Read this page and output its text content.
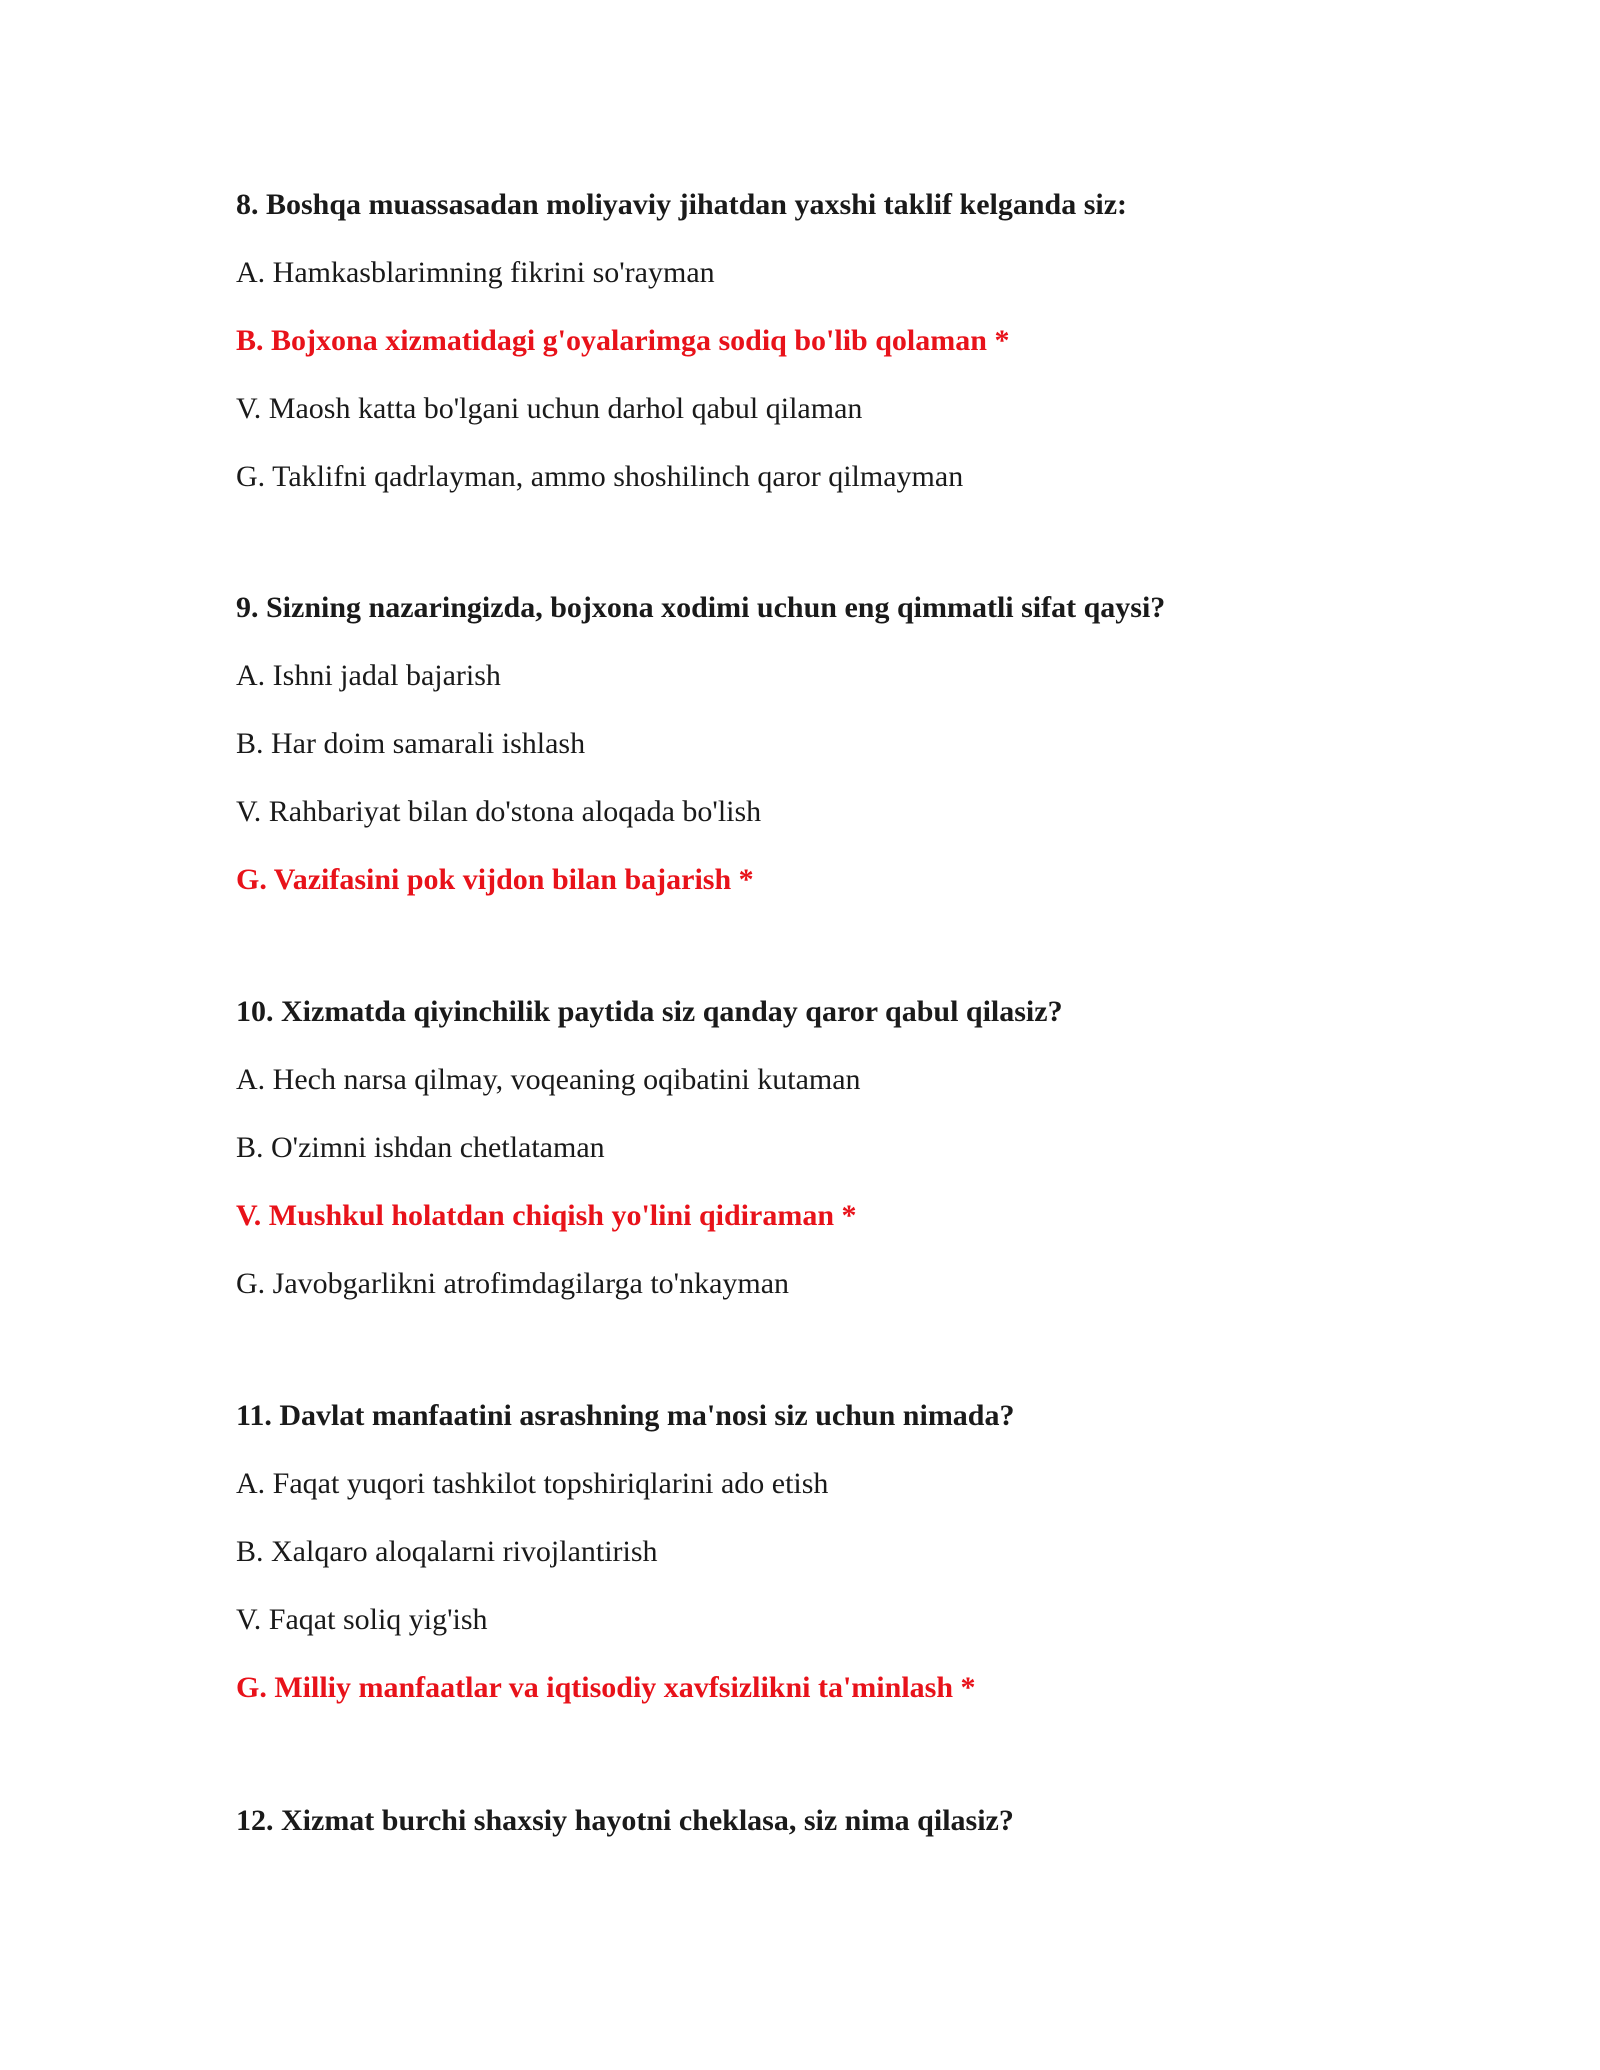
8. Boshqa muassasadan moliyaviy jihatdan yaxshi taklif kelganda siz:

A. Hamkasblarimning fikrini so'rayman

B. Bojxona xizmatidagi g'oyalarimga sodiq bo'lib qolaman *

V. Maosh katta bo'lgani uchun darhol qabul qilaman

G. Taklifni qadrlayman, ammo shoshilinch qaror qilmayman

9. Sizning nazaringizda, bojxona xodimi uchun eng qimmatli sifat qaysi?

A. Ishni jadal bajarish

B. Har doim samarali ishlash

V. Rahbariyat bilan do'stona aloqada bo'lish

G. Vazifasini pok vijdon bilan bajarish *

10. Xizmatda qiyinchilik paytida siz qanday qaror qabul qilasiz?

A. Hech narsa qilmay, voqeaning oqibatini kutaman

B. O'zimni ishdan chetlataman

V. Mushkul holatdan chiqish yo'lini qidiraman *

G. Javobgarlikni atrofimdagilarga to'nkayman

11. Davlat manfaatini asrashning ma'nosi siz uchun nimada?

A. Faqat yuqori tashkilot topshiriqlarini ado etish

B. Xalqaro aloqalarni rivojlantirish

V. Faqat soliq yig'ish

G. Milliy manfaatlar va iqtisodiy xavfsizlikni ta'minlash *

12. Xizmat burchi shaxsiy hayotni cheklasa, siz nima qilasiz?
